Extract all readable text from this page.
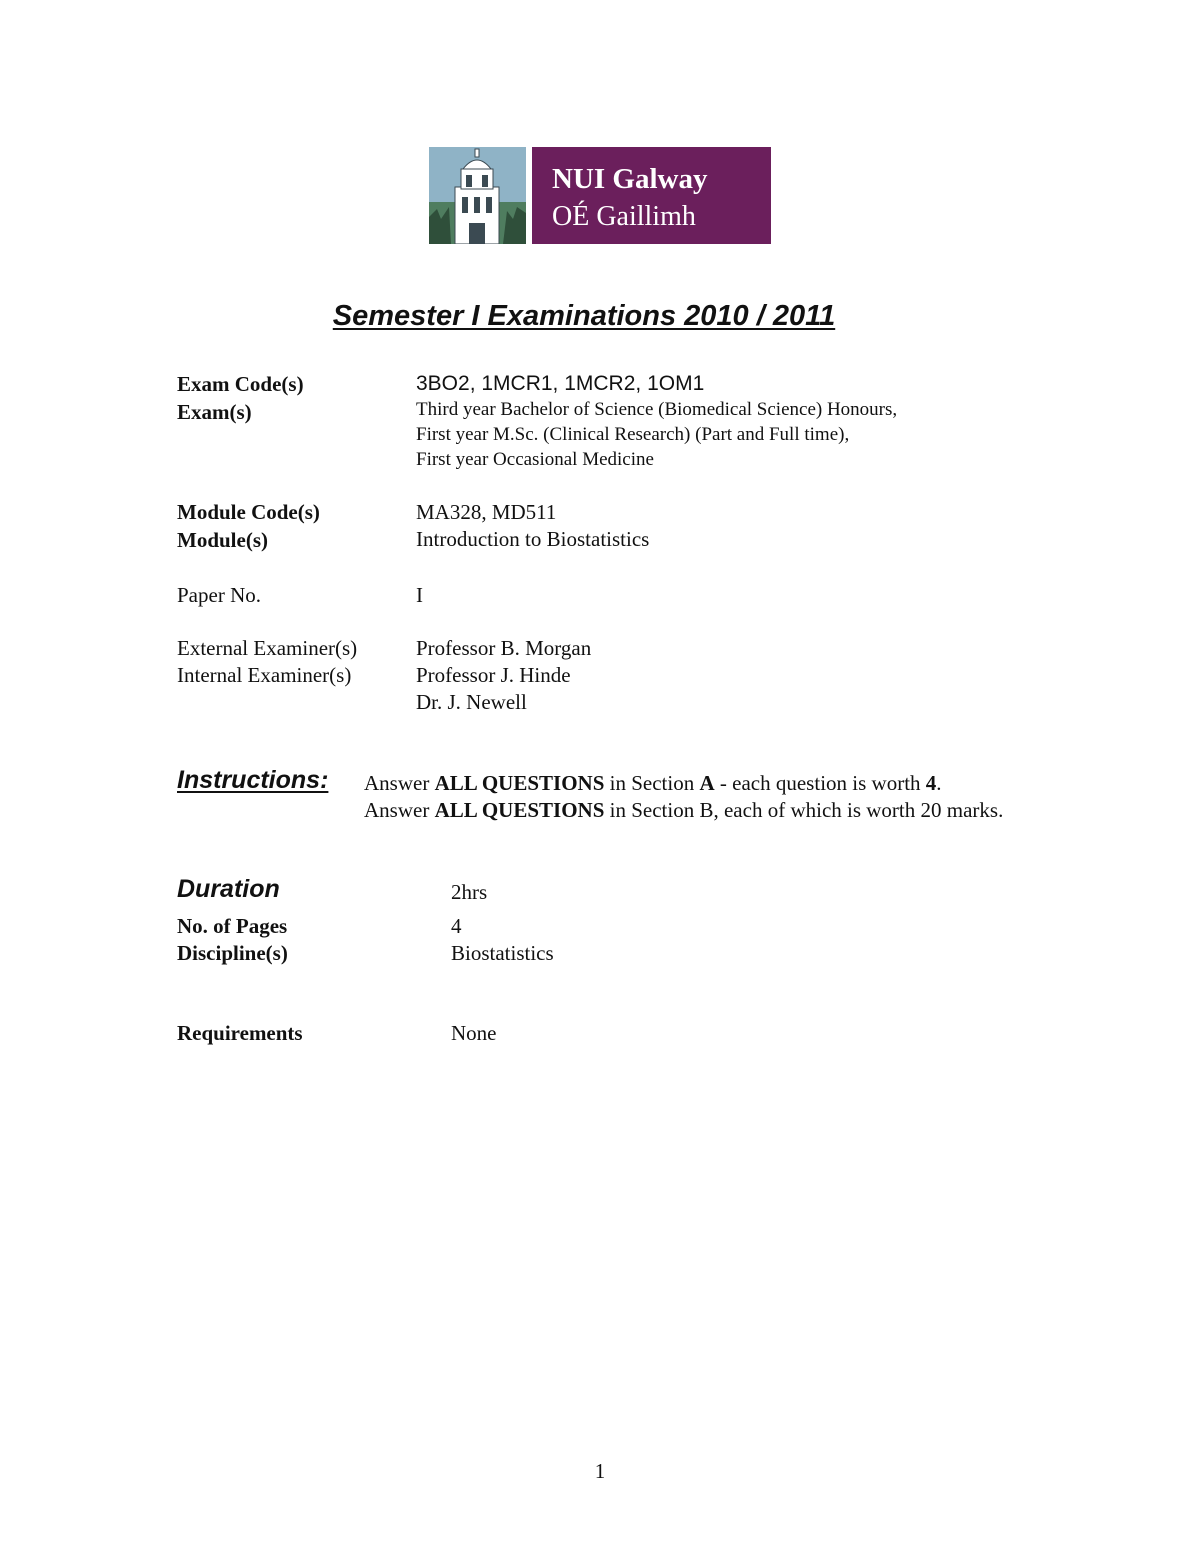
NUI Galway
OÉ Gaillimh
Semester I Examinations 2010 / 2011
Exam Code(s)	3BO2, 1MCR1, 1MCR2, 1OM1
Exam(s)	Third year Bachelor of Science (Biomedical Science) Honours,
First year M.Sc. (Clinical Research) (Part and Full time),
First year Occasional Medicine
Module Code(s)	MA328, MD511
Module(s)	Introduction to Biostatistics
Paper No.	I
External Examiner(s)	Professor B. Morgan
Internal Examiner(s)	Professor J. Hinde
Dr. J. Newell
Instructions: Answer ALL QUESTIONS in Section A - each question is worth 4. Answer ALL QUESTIONS in Section B, each of which is worth 20 marks.
Duration	2hrs
No. of Pages	4
Discipline(s)	Biostatistics
Requirements	None
1
